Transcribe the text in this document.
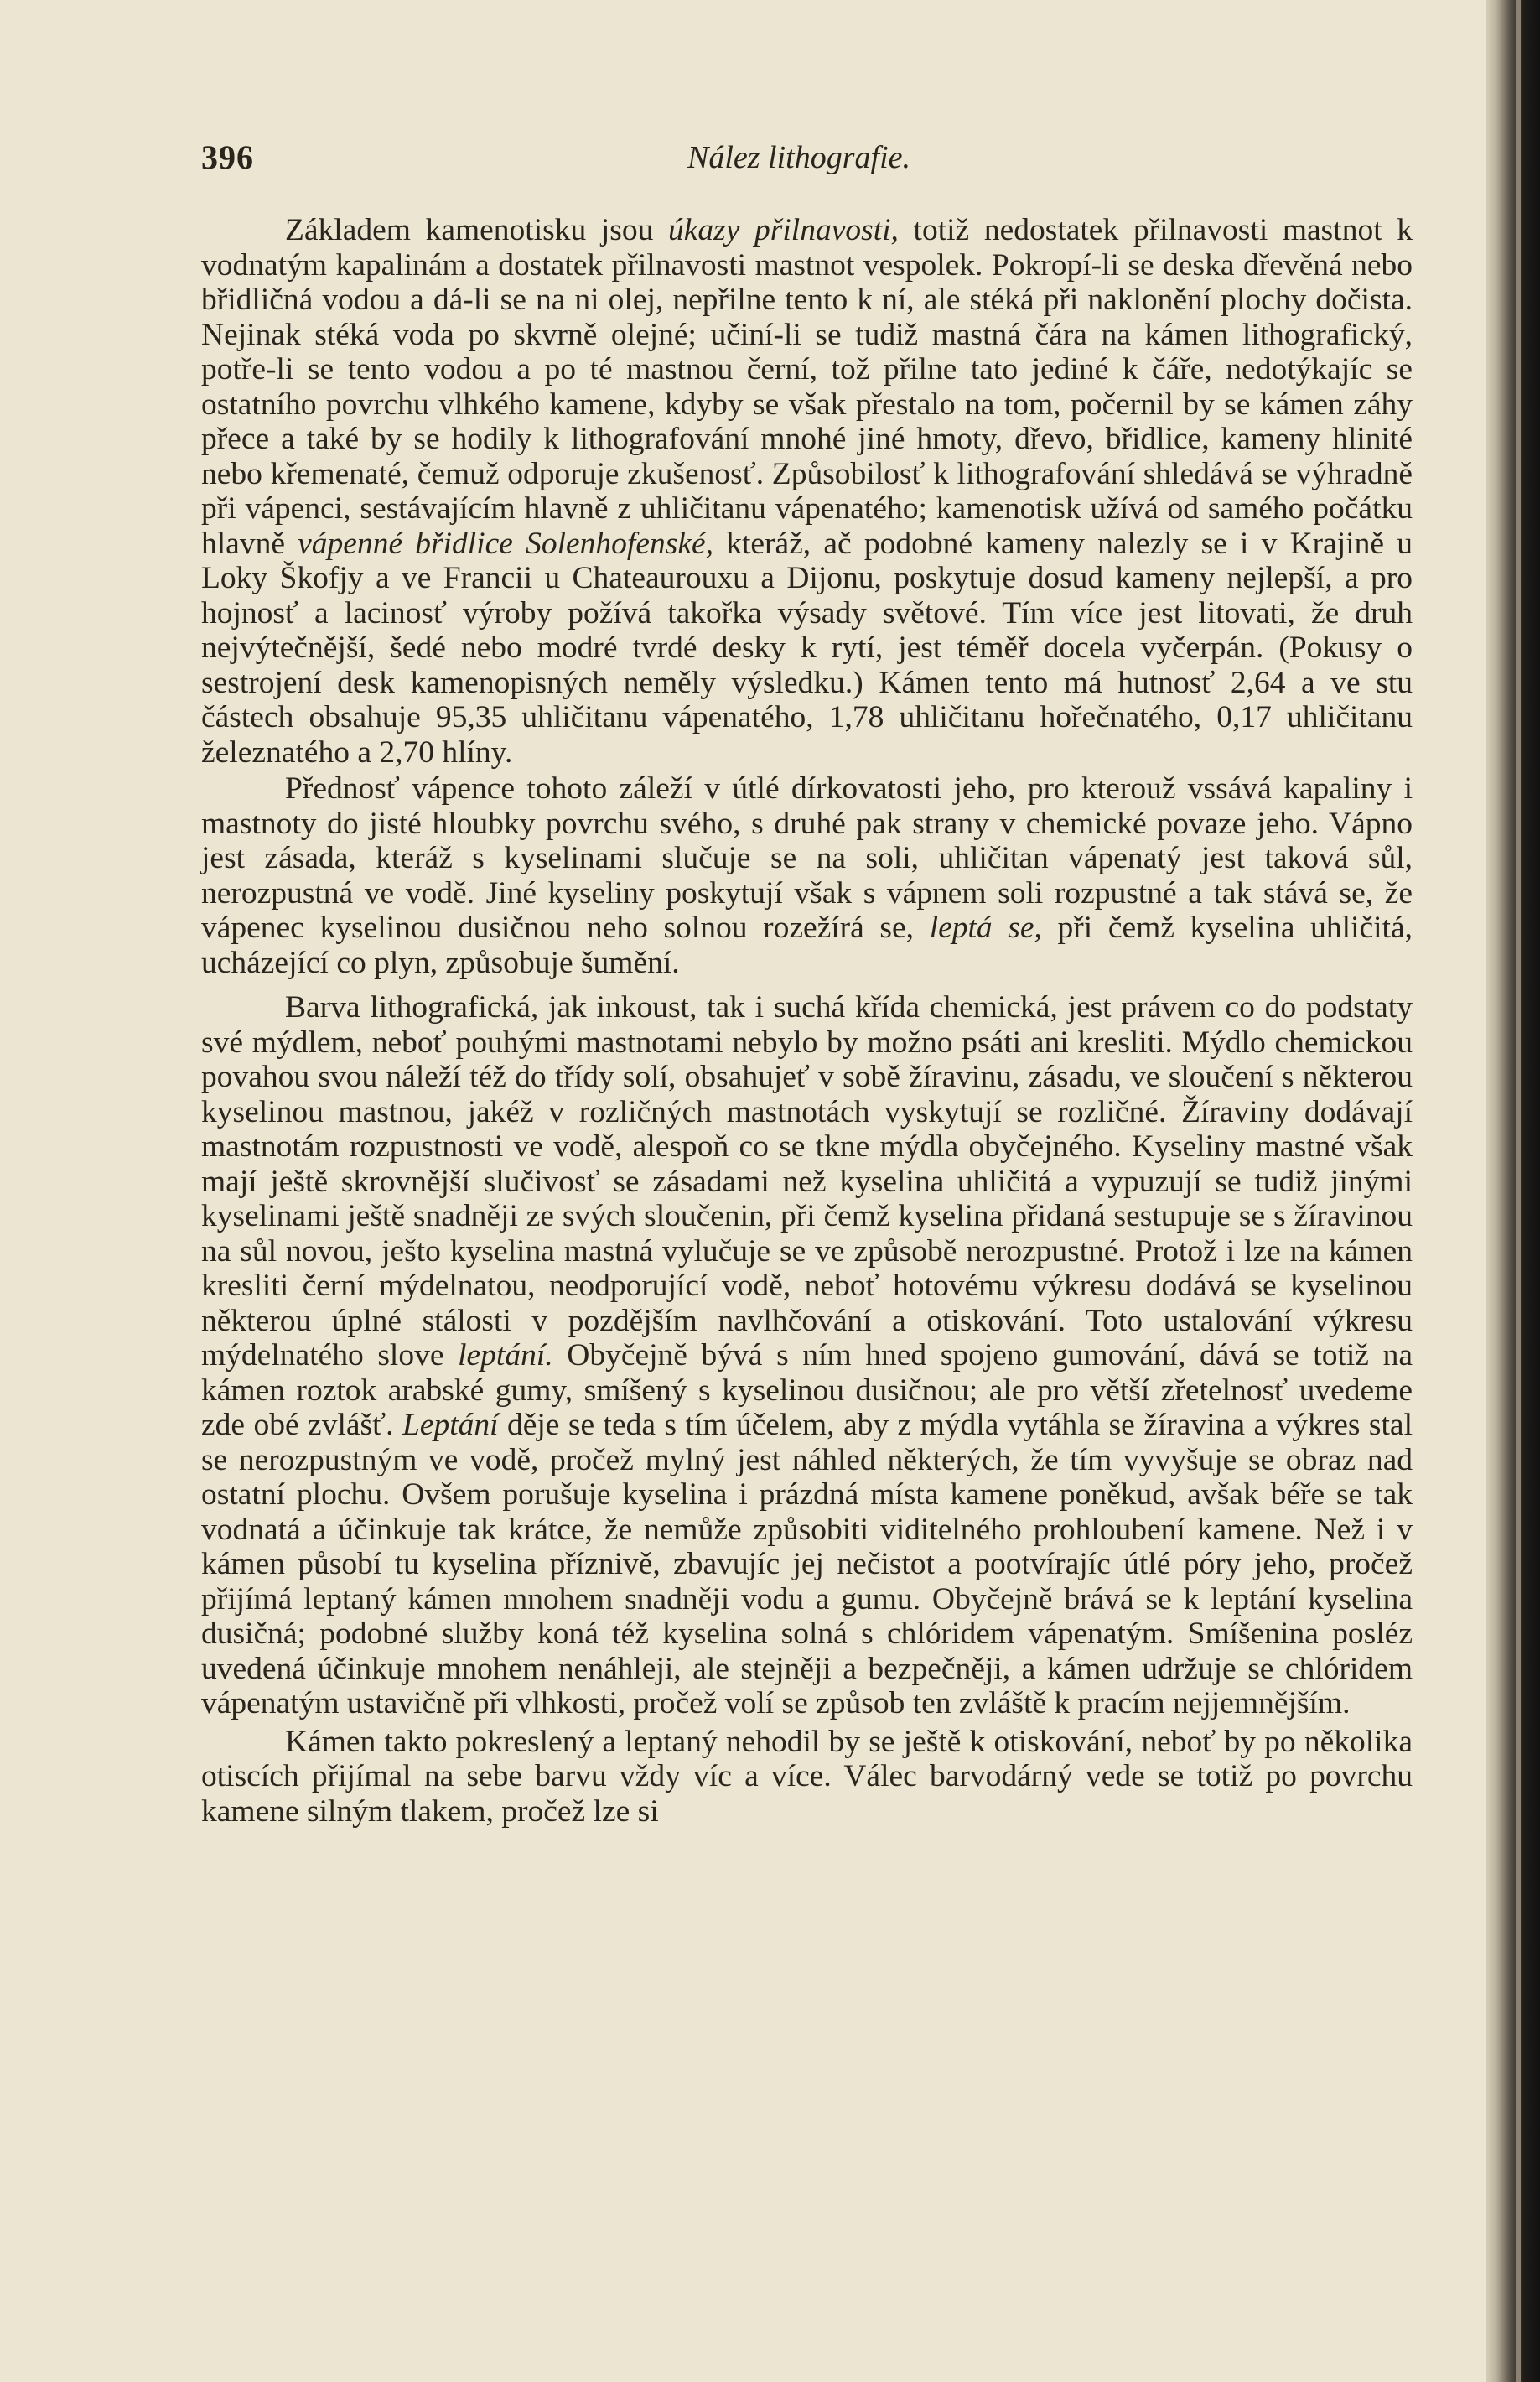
396	Nález lithografie.

Základem kamenotisku jsou úkazy přilnavosti, totiž nedostatek přilnavosti mastnot k vodnatým kapalinám a dostatek přilnavosti mastnot vespolek. Pokropí-li se deska dřevěná nebo břidličná vodou a dá-li se na ni olej, nepřilne tento k ní, ale stéká při naklonění plochy dočista. Nejinak stéká voda po skvrně olejné; učiní-li se tudiž mastná čára na kámen lithografický, potře-li se tento vodou a po té mastnou černí, tož přilne tato jediné k čáře, nedotýkajíc se ostatního povrchu vlhkého kamene, kdyby se však přestalo na tom, počernil by se kámen záhy přece a také by se hodily k lithografování mnohé jiné hmoty, dřevo, břidlice, kameny hlinité nebo křemenaté, čemuž odporuje zkušenosť. Způsobilosť k lithografování shledává se výhradně při vápenci, sestávajícím hlavně z uhličitanu vápenatého; kamenotisk užívá od samého počátku hlavně vápenné břidlice Solenhofenské, kteráž, ač podobné kameny nalezly se i v Krajině u Loky Škofjy a ve Francii u Chateaurouxu a Dijonu, poskytuje dosud kameny nejlepší, a pro hojnosť a lacinosť výroby požívá takořka výsady světové. Tím více jest litovati, že druh nejvýtečnější, šedé nebo modré tvrdé desky k rytí, jest téměř docela vyčerpán. (Pokusy o sestrojení desk kamenopisných neměly výsledku.) Kámen tento má hutnosť 2,64 a ve stu částech obsahuje 95,35 uhličitanu vápenatého, 1,78 uhličitanu hořečnatého, 0,17 uhličitanu železnatého a 2,70 hlíny.

Přednosť vápence tohoto záleží v útlé dírkovatosti jeho, pro kterouž vssává kapaliny i mastnoty do jisté hloubky povrchu svého, s druhé pak strany v chemické povaze jeho. Vápno jest zásada, kteráž s kyselinami slučuje se na soli, uhličitan vápenatý jest taková sůl, nerozpustná ve vodě. Jiné kyseliny poskytují však s vápnem soli rozpustné a tak stává se, že vápenec kyselinou dusičnou neho solnou rozežírá se, leptá se, při čemž kyselina uhličitá, ucházející co plyn, způsobuje šumění.

Barva lithografická, jak inkoust, tak i suchá křída chemická, jest právem co do podstaty své mýdlem, neboť pouhými mastnotami nebylo by možno psáti ani kresliti. Mýdlo chemickou povahou svou náleží též do třídy solí, obsahujeť v sobě žíravinu, zásadu, ve sloučení s některou kyselinou mastnou, jakéž v rozličných mastnotách vyskytují se rozličné. Žíraviny dodávají mastnotám rozpustnosti ve vodě, alespoň co se tkne mýdla obyčejného. Kyseliny mastné však mají ještě skrovnější slučivosť se zásadami než kyselina uhličitá a vypuzují se tudiž jinými kyselinami ještě snadněji ze svých sloučenin, při čemž kyselina přidaná sestupuje se s žíravinou na sůl novou, ješto kyselina mastná vylučuje se ve způsobě nerozpustné. Protož i lze na kámen kresliti černí mýdelnatou, neodporující vodě, neboť hotovému výkresu dodává se kyselinou některou úplné stálosti v pozdějším navlhčování a otiskování. Toto ustalování výkresu mýdelnatého slove leptání. Obyčejně bývá s ním hned spojeno gumování, dává se totiž na kámen roztok arabské gumy, smíšený s kyselinou dusičnou; ale pro větší zřetelnosť uvedeme zde obé zvlášť. Leptání děje se teda s tím účelem, aby z mýdla vytáhla se žíravina a výkres stal se nerozpustným ve vodě, pročež mylný jest náhled některých, že tím vyvyšuje se obraz nad ostatní plochu. Ovšem porušuje kyselina i prázdná místa kamene poněkud, avšak béře se tak vodnatá a účinkuje tak krátce, že nemůže způsobiti viditelného prohloubení kamene. Než i v kámen působí tu kyselina příznivě, zbavujíc jej nečistot a pootvírajíc útlé póry jeho, pročež přijímá leptaný kámen mnohem snadněji vodu a gumu. Obyčejně brává se k leptání kyselina dusičná; podobné služby koná též kyselina solná s chlóridem vápenatým. Smíšenina posléz uvedená účinkuje mnohem nenáhleji, ale stejněji a bezpečněji, a kámen udržuje se chlóridem vápenatým ustavičně při vlhkosti, pročež volí se způsob ten zvláště k pracím nejjemnějším.

Kámen takto pokreslený a leptaný nehodil by se ještě k otiskování, neboť by po několika otiscích přijímal na sebe barvu vždy víc a více. Válec barvodárný vede se totiž po povrchu kamene silným tlakem, pročež lze si
